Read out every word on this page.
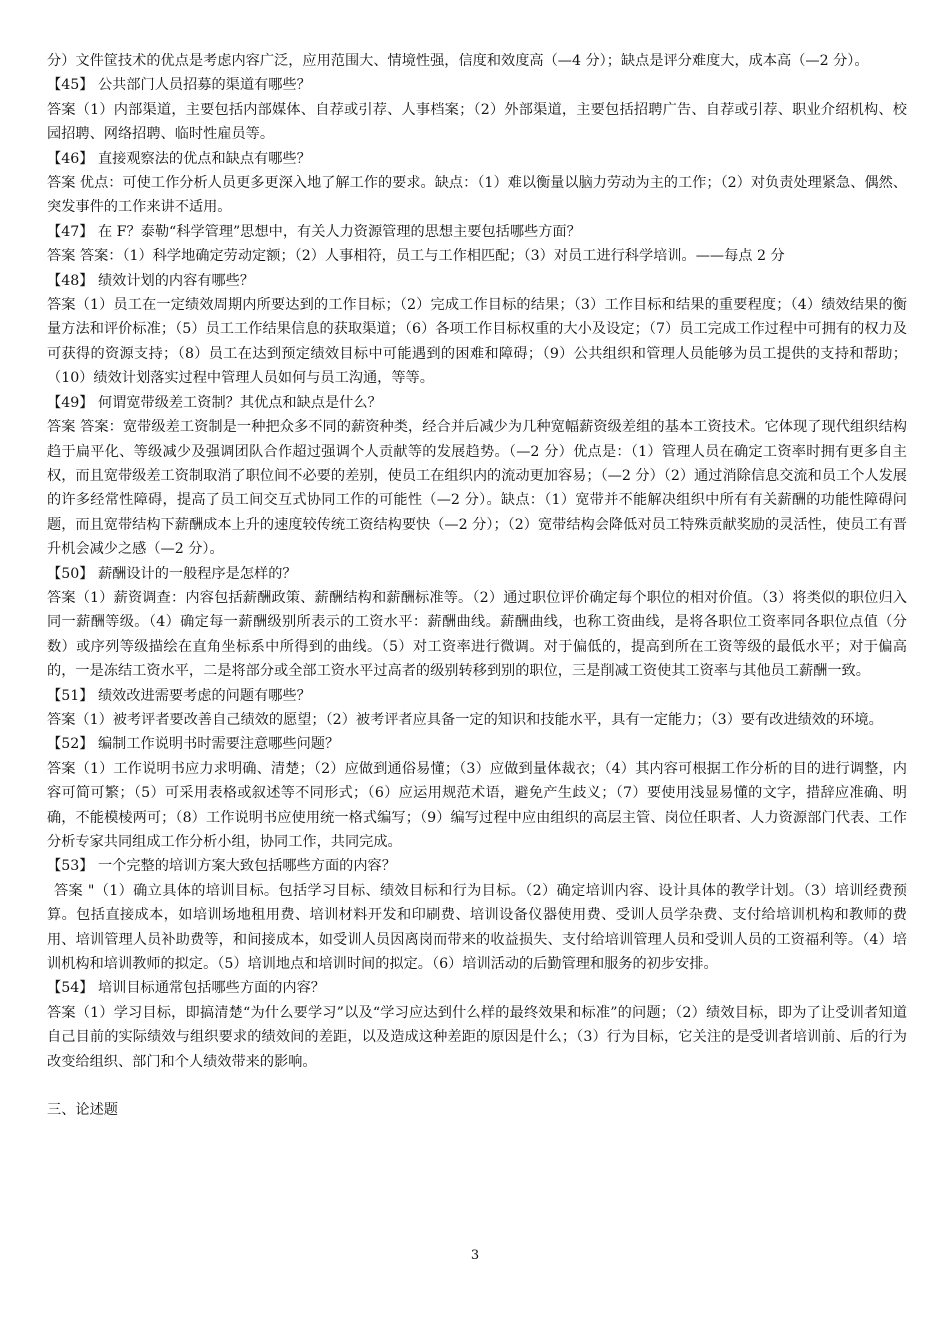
分）文件筐技术的优点是考虑内容广泛，应用范围大、情境性强，信度和效度高（—4 分）；缺点是评分难度大，成本高（—2 分）。

【45】 公共部门人员招募的渠道有哪些？

答案（1）内部渠道，主要包括内部媒体、自荐或引荐、人事档案；（2）外部渠道，主要包括招聘广告、自荐或引荐、职业介绍机构、校园招聘、网络招聘、临时性雇员等。

【46】 直接观察法的优点和缺点有哪些？

答案 优点：可使工作分析人员更多更深入地了解工作的要求。缺点：（1）难以衡量以脑力劳动为主的工作；（2）对负责处理紧急、偶然、突发事件的工作来讲不适用。

【47】 在 F？泰勒“科学管理”思想中，有关人力资源管理的思想主要包括哪些方面？

答案 答案：（1）科学地确定劳动定额；（2）人事相符，员工与工作相匹配；（3）对员工进行科学培训。——每点 2 分

【48】 绩效计划的内容有哪些？

答案（1）员工在一定绩效周期内所要达到的工作目标；（2）完成工作目标的结果；（3）工作目标和结果的重要程度；（4）绩效结果的衡量方法和评价标准；（5）员工工作结果信息的获取渠道；（6）各项工作目标权重的大小及设定；（7）员工完成工作过程中可拥有的权力及可获得的资源支持；（8）员工在达到预定绩效目标中可能遇到的困难和障碍；（9）公共组织和管理人员能够为员工提供的支持和帮助；（10）绩效计划落实过程中管理人员如何与员工沟通，等等。

【49】 何谓宽带级差工资制？其优点和缺点是什么？

答案 答案：宽带级差工资制是一种把众多不同的薪资种类，经合并后减少为几种宽幅薪资级差组的基本工资技术。它体现了现代组织结构趋于扁平化、等级减少及强调团队合作超过强调个人贡献等的发展趋势。（—2 分）优点是：（1）管理人员在确定工资率时拥有更多自主权，而且宽带级差工资制取消了职位间不必要的差别，使员工在组织内的流动更加容易；（—2 分）（2）通过消除信息交流和员工个人发展的许多经常性障碍，提高了员工间交互式协同工作的可能性（—2 分）。缺点：（1）宽带并不能解决组织中所有有关薪酬的功能性障碍问题，而且宽带结构下薪酬成本上升的速度较传统工资结构要快（—2 分）；（2）宽带结构会降低对员工特殊贡献奖励的灵活性，使员工有晋升机会减少之感（—2 分）。

【50】 薪酬设计的一般程序是怎样的？

答案（1）薪资调查：内容包括薪酬政策、薪酬结构和薪酬标准等。（2）通过职位评价确定每个职位的相对价值。（3）将类似的职位归入同一薪酬等级。（4）确定每一薪酬级别所表示的工资水平：薪酬曲线。薪酬曲线，也称工资曲线，是将各职位工资率同各职位点值（分数）或序列等级描绘在直角坐标系中所得到的曲线。（5）对工资率进行微调。对于偏低的，提高到所在工资等级的最低水平；对于偏高的，一是冻结工资水平，二是将部分或全部工资水平过高者的级别转移到别的职位，三是削减工资使其工资率与其他员工薪酬一致。

【51】 绩效改进需要考虑的问题有哪些？

答案（1）被考评者要改善自己绩效的愿望；（2）被考评者应具备一定的知识和技能水平，具有一定能力；（3）要有改进绩效的环境。

【52】 编制工作说明书时需要注意哪些问题？

答案（1）工作说明书应力求明确、清楚；（2）应做到通俗易懂；（3）应做到量体裁衣；（4）其内容可根据工作分析的目的进行调整，内容可简可繁；（5）可采用表格或叙述等不同形式；（6）应运用规范术语，避免产生歧义；（7）要使用浅显易懂的文字，措辞应准确、明确，不能模棱两可；（8）工作说明书应使用统一格式编写；（9）编写过程中应由组织的高层主管、岗位任职者、人力资源部门代表、工作分析专家共同组成工作分析小组，协同工作，共同完成。

【53】 一个完整的培训方案大致包括哪些方面的内容？

答案 "（1）确立具体的培训目标。包括学习目标、绩效目标和行为目标。（2）确定培训内容、设计具体的教学计划。（3）培训经费预算。包括直接成本，如培训场地租用费、培训材料开发和印刷费、培训设备仪器使用费、受训人员学杂费、支付给培训机构和教师的费用、培训管理人员补助费等，和间接成本，如受训人员因离岗而带来的收益损失、支付给培训管理人员和受训人员的工资福利等。（4）培训机构和培训教师的拟定。（5）培训地点和培训时间的拟定。（6）培训活动的后勤管理和服务的初步安排。

【54】 培训目标通常包括哪些方面的内容？

答案（1）学习目标，即搞清楚“为什么要学习”以及“学习应达到什么样的最终效果和标准”的问题；（2）绩效目标，即为了让受训者知道自己目前的实际绩效与组织要求的绩效间的差距，以及造成这种差距的原因是什么；（3）行为目标，它关注的是受训者培训前、后的行为改变给组织、部门和个人绩效带来的影响。

三、论述题

3
